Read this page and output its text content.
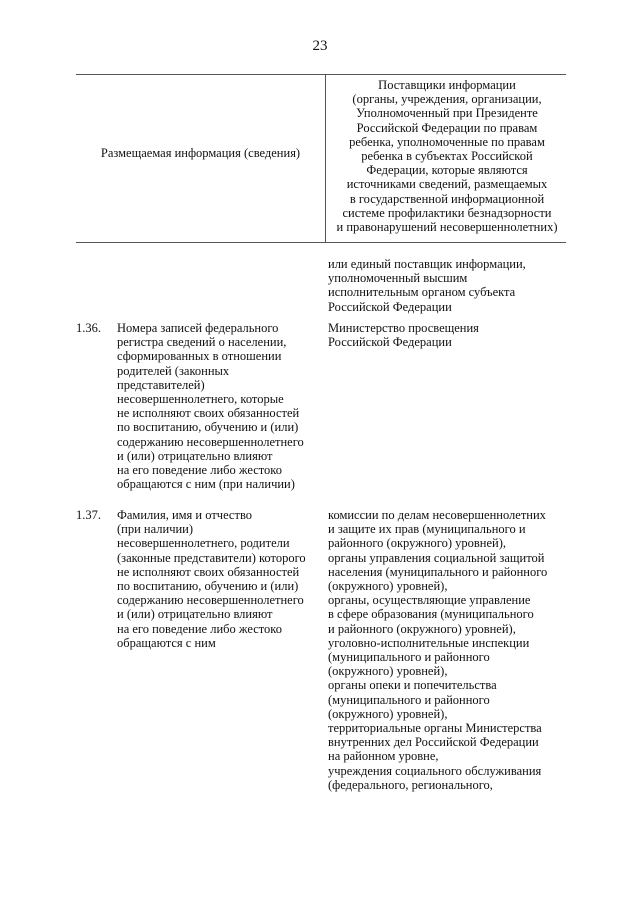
23
Размещаемая информация (сведения)
Поставщики информации
(органы, учреждения, организации,
Уполномоченный при Президенте
Российской Федерации по правам
ребенка, уполномоченные по правам
ребенка в субъектах Российской
Федерации, которые являются
источниками сведений, размещаемых
в государственной информационной
системе профилактики безнадзорности
и правонарушений несовершеннолетних)
или единый поставщик информации,
уполномоченный высшим
исполнительным органом субъекта
Российской Федерации
1.36.	Номера записей федерального
регистра сведений о населении,
сформированных в отношении
родителей (законных
представителей)
несовершеннолетнего, которые
не исполняют своих обязанностей
по воспитанию, обучению и (или)
содержанию несовершеннолетнего
и (или) отрицательно влияют
на его поведение либо жестоко
обращаются с ним (при наличии)
Министерство просвещения
Российской Федерации
1.37.	Фамилия, имя и отчество
(при наличии)
несовершеннолетнего, родители
(законные представители) которого
не исполняют своих обязанностей
по воспитанию, обучению и (или)
содержанию несовершеннолетнего
и (или) отрицательно влияют
на его поведение либо жестоко
обращаются с ним
комиссии по делам несовершеннолетних
и защите их прав (муниципального и
районного (окружного) уровней),
органы управления социальной защитой
населения (муниципального и районного
(окружного) уровней),
органы, осуществляющие управление
в сфере образования (муниципального
и районного (окружного) уровней),
уголовно-исполнительные инспекции
(муниципального и районного
(окружного) уровней),
органы опеки и попечительства
(муниципального и районного
(окружного) уровней),
территориальные органы Министерства
внутренних дел Российской Федерации
на районном уровне,
учреждения социального обслуживания
(федерального, регионального,
